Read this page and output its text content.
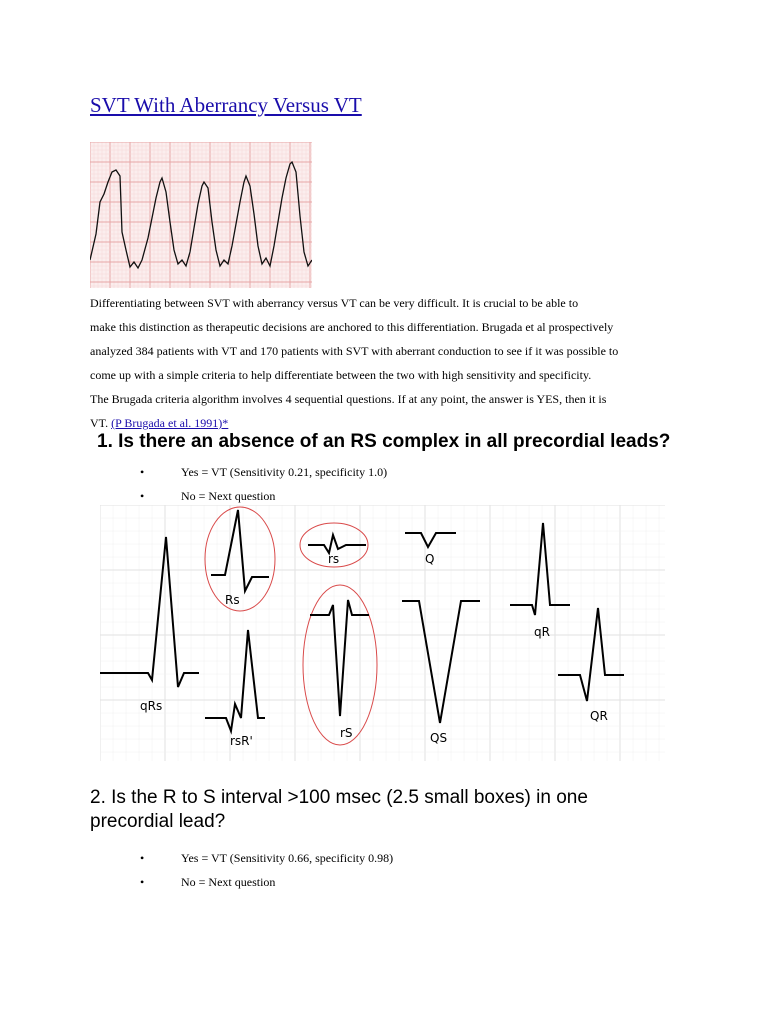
SVT With Aberrancy Versus VT
Differentiating between SVT with aberrancy versus VT can be very difficult. It is crucial to be able to
make this distinction as therapeutic decisions are anchored to this differentiation. Brugada et al prospectively
analyzed 384 patients with VT and 170 patients with SVT with aberrant conduction to see if it was possible to
come up with a simple criteria to help differentiate between the two with high sensitivity and specificity.
The Brugada criteria algorithm involves 4 sequential questions. If at any point, the answer is YES, then it is
VT. (P Brugada et al. 1991)*
1. Is there an absence of an RS complex in all precordial leads?
•	Yes = VT (Sensitivity 0.21, specificity 1.0)
•	No = Next question
qRs
Rs
rsR'
rs
rS
Q
QS
qR
QR
2. Is the R to S interval >100 msec (2.5 small boxes) in one precordial lead?
•	Yes = VT (Sensitivity 0.66, specificity 0.98)
•	No = Next question
